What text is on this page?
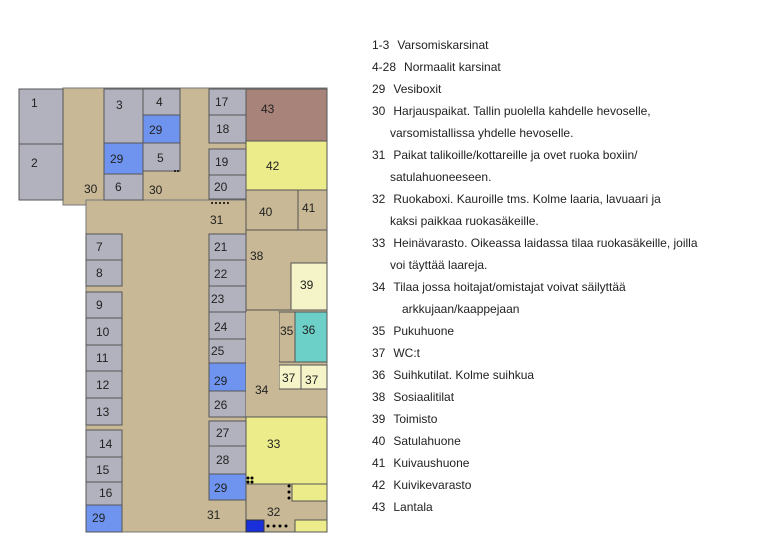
1
2
3	4
29
5
29
6
17
18
19
20
7
8
9
10
11
12
13
14
15
16
29
21
22
23
24
25
29
26
27
28
29
43
42
40 41
38
39
35 36
37 37
34
33
32
30	30
31
31
1-3 Varsomiskarsinat
4-28 Normaalit karsinat
29 Vesiboxit
30 Harjauspaikat. Tallin puolella kahdelle hevoselle,
varsomistallissa yhdelle hevoselle.
31 Paikat talikoille/kottareille ja ovet ruoka boxiin/
satulahuoneeseen.
32 Ruokaboxi. Kauroille tms. Kolme laaria, lavuaari ja
kaksi paikkaa ruokasäkeille.
33 Heinävarasto. Oikeassa laidassa tilaa ruokasäkeille, joilla
voi täyttää laareja.
34 Tilaa jossa hoitajat/omistajat voivat säilyttää
arkkujaan/kaappejaan
35 Pukuhuone
37 WC:t
36 Suihkutilat. Kolme suihkua
38 Sosiaalitilat
39 Toimisto
40 Satulahuone
41 Kuivaushuone
42 Kuivikevarasto
43 Lantala
